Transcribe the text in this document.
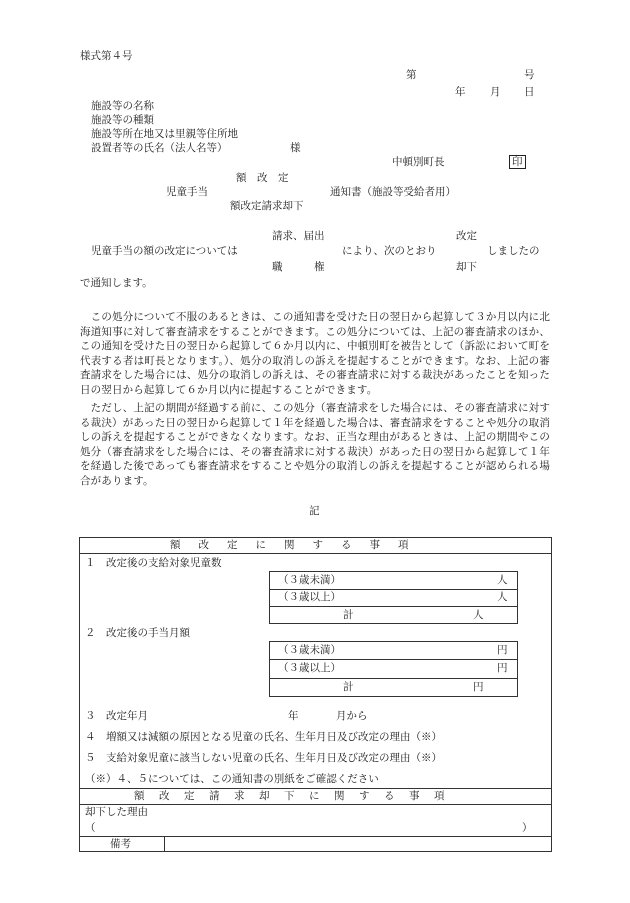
様式第４号
第	号
年 月 日
施設等の名称
施設等の種類
施設等所在地又は里親等住所地
設置者等の氏名（法人名等）	様
中頓別町長	印
額　改　定
児童手当	通知書（施設等受給者用）
額改定請求却下
請求、届出	改定
児童手当の額の改定については	により、次のとおり	しましたの
職　　　権	却下
で通知します。
　この処分について不服のあるときは、この通知書を受けた日の翌日から起算して３か月以内に北海道知事に対して審査請求をすることができます。この処分については、上記の審査請求のほか、この通知を受けた日の翌日から起算して６か月以内に、中頓別町を被告として（訴訟において町を代表する者は町長となります。）、処分の取消しの訴えを提起することができます。なお、上記の審査請求をした場合には、処分の取消しの訴えは、その審査請求に対する裁決があったことを知った日の翌日から起算して６か月以内に提起することができます。
　ただし、上記の期間が経過する前に、この処分（審査請求をした場合には、その審査請求に対する裁決）があった日の翌日から起算して１年を経過した場合は、審査請求をすることや処分の取消しの訴えを提起することができなくなります。なお、正当な理由があるときは、上記の期間やこの処分（審査請求をした場合には、その審査請求に対する裁決）があった日の翌日から起算して１年を経過した後であっても審査請求をすることや処分の取消しの訴えを提起することが認められる場合があります。
記
額改定に関する事項
１　改定後の支給対象児童数
（３歳未満）	人
（３歳以上）	人
計	人
２　改定後の手当月額
（３歳未満）	円
（３歳以上）	円
計	円
３　改定年月	年	月から
４　増額又は減額の原因となる児童の氏名、生年月日及び改定の理由（※）
５　支給対象児童に該当しない児童の氏名、生年月日及び改定の理由（※）
（※）４、５については、この通知書の別紙をご確認ください
額改定請求却下に関する事項
却下した理由
（	）
備考
